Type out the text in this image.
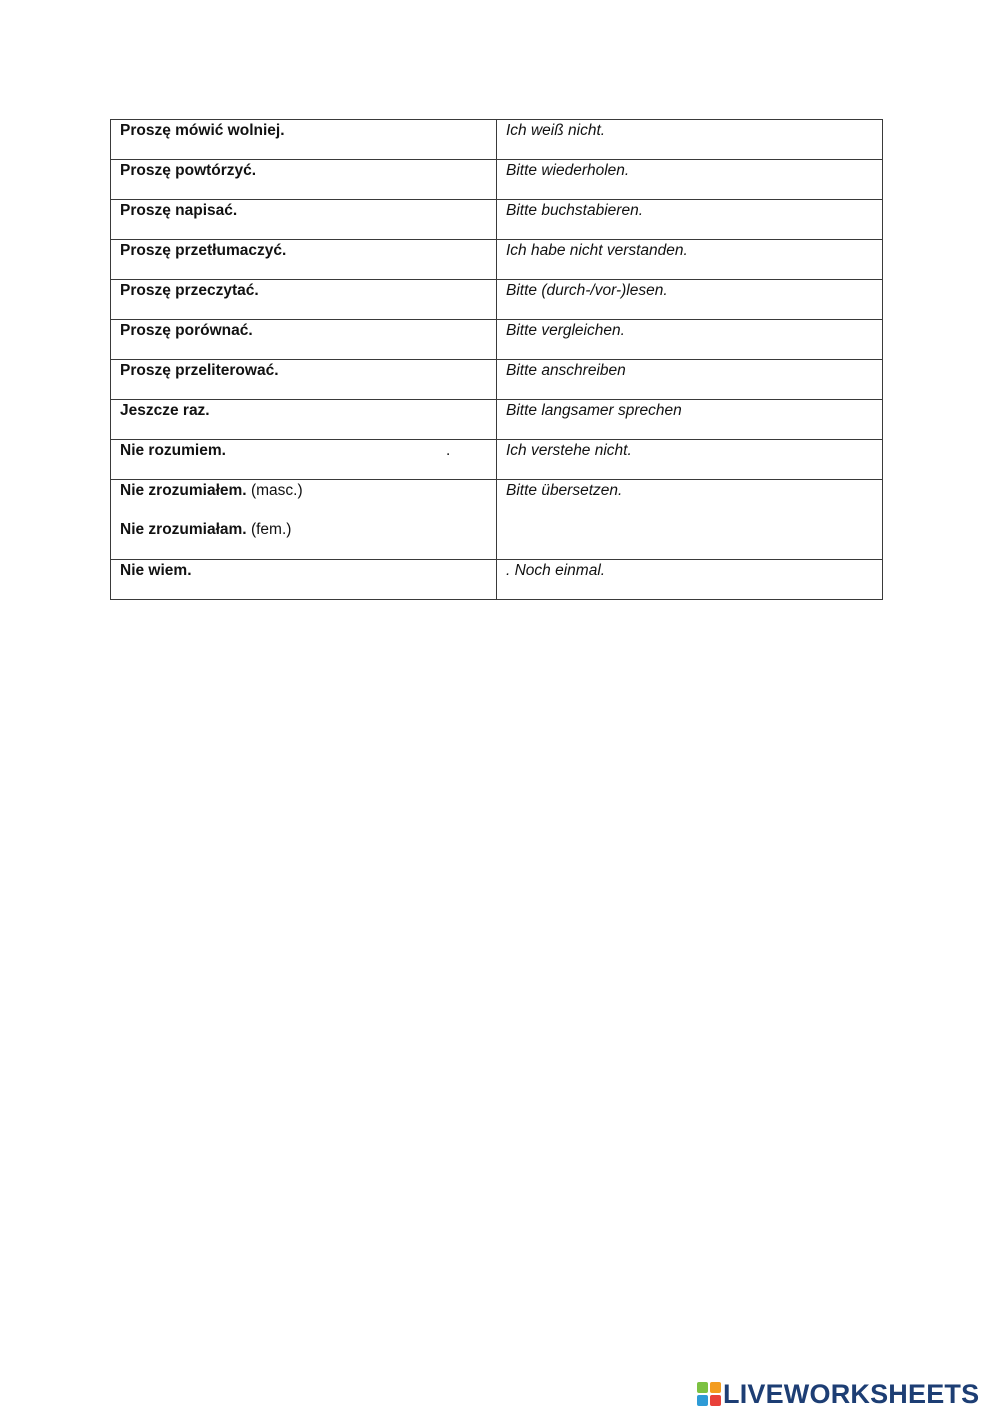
Proszę mówić wolniej.	Ich weiß nicht.

Proszę powtórzyć.	Bitte wiederholen.

Proszę napisać.	Bitte buchstabieren.

Proszę przetłumaczyć.	Ich habe nicht verstanden.

Proszę przeczytać.	Bitte (durch-/vor-)lesen.

Proszę porównać.	Bitte vergleichen.

Proszę przeliterować.	Bitte anschreiben

Jeszcze raz.	Bitte langsamer sprechen

Nie rozumiem. .	Ich verstehe nicht.

Nie zrozumiałem. (masc.)
Nie zrozumiałam. (fem.)	Bitte übersetzen.

Nie wiem.	. Noch einmal.
LIVEWORKSHEETS
